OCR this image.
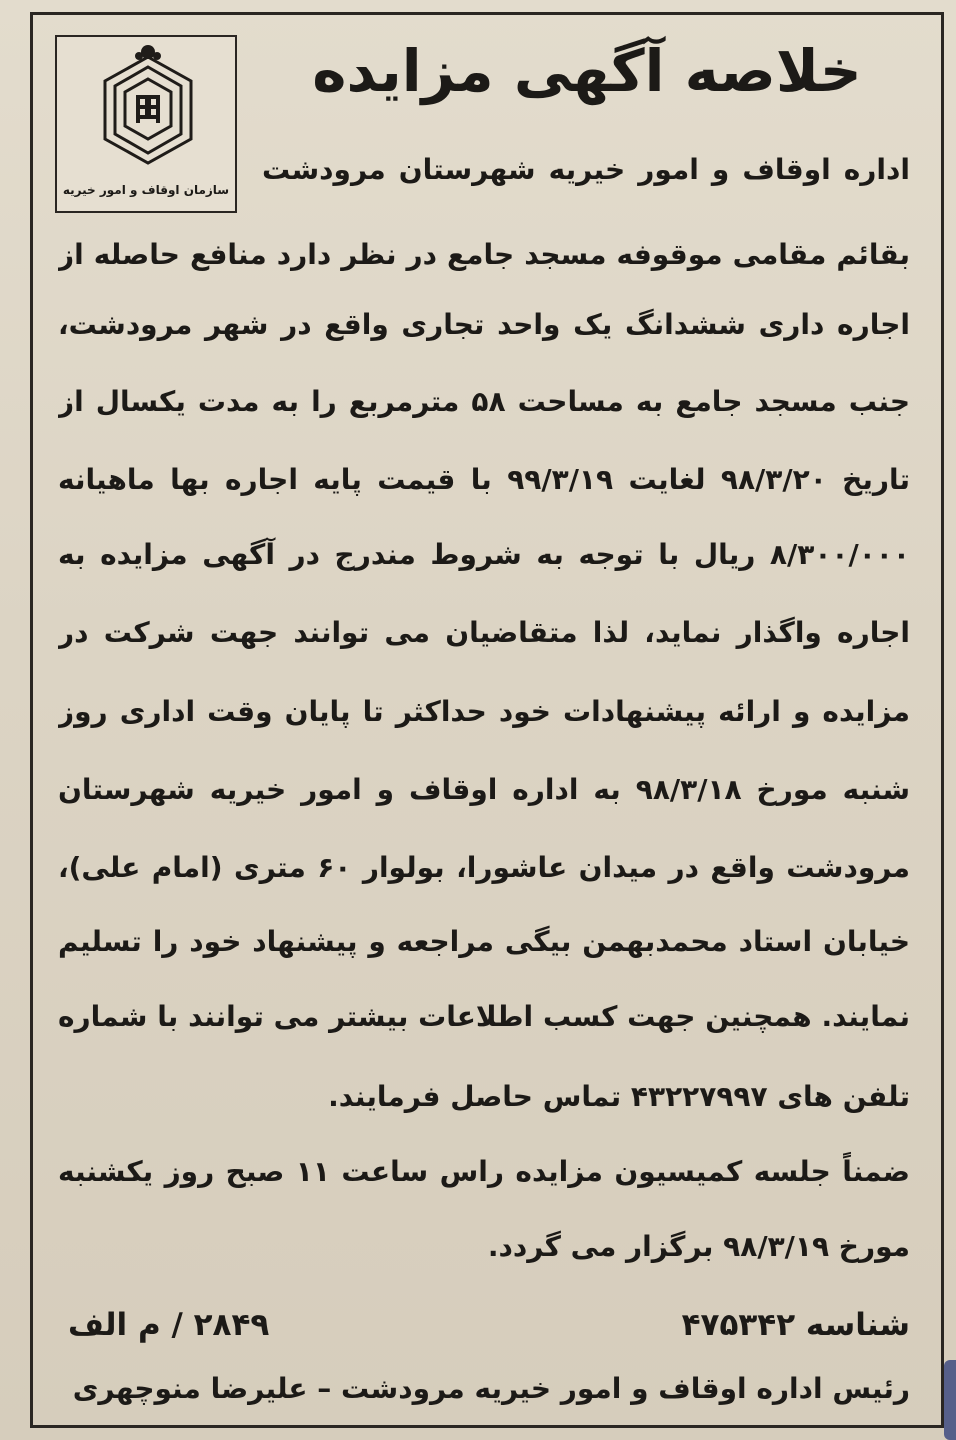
سازمان اوقاف و امور خیریه
خلاصه آگهی مزایده
اداره اوقاف و امور خیریه شهرستان مرودشت
بقائم مقامی موقوفه مسجد جامع در نظر دارد منافع حاصله از
اجاره داری ششدانگ یک واحد تجاری واقع در شهر مرودشت،
جنب مسجد جامع به مساحت ۵۸ مترمربع را به مدت یکسال از
تاریخ ۹۸/۳/۲۰ لغایت ۹۹/۳/۱۹ با قیمت پایه اجاره بها ماهیانه
۸/۳۰۰/۰۰۰ ریال با توجه به شروط مندرج در آگهی مزایده به
اجاره واگذار نماید، لذا متقاضیان می توانند جهت شرکت در
مزایده و ارائه پیشنهادات خود حداکثر تا پایان وقت اداری روز
شنبه مورخ ۹۸/۳/۱۸ به اداره اوقاف و امور خیریه شهرستان
مرودشت واقع در میدان عاشورا، بولوار ۶۰ متری (امام علی)،
خیابان استاد محمدبهمن بیگی مراجعه و پیشنهاد خود را تسلیم
نمایند. همچنین جهت کسب اطلاعات بیشتر می توانند با شماره
تلفن های ۴۳۲۲۷۹۹۷ تماس حاصل فرمایند.
ضمناً جلسه کمیسیون مزایده راس ساعت ۱۱ صبح روز یکشنبه
مورخ ۹۸/۳/۱۹ برگزار می گردد.
شناسه ۴۷۵۳۴۲
۲۸۴۹ / م الف
رئیس اداره اوقاف و امور خیریه مرودشت – علیرضا منوچهری
